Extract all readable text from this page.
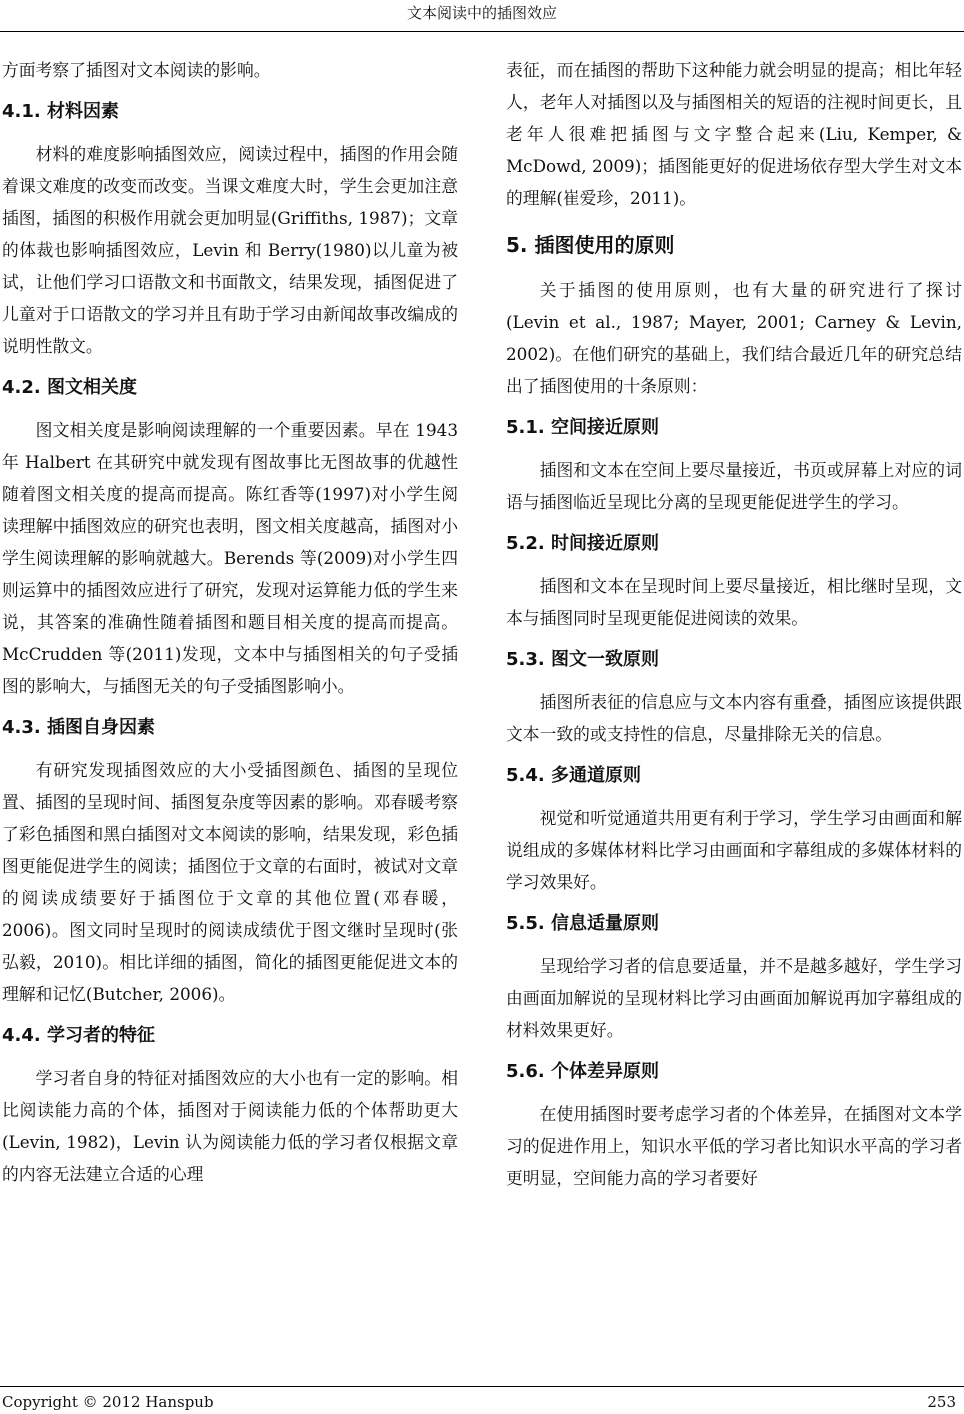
文本阅读中的插图效应

方面考察了插图对文本阅读的影响。

4.1. 材料因素

材料的难度影响插图效应，阅读过程中，插图的作用会随着课文难度的改变而改变。当课文难度大时，学生会更加注意插图，插图的积极作用就会更加明显(Griffiths, 1987)；文章的体裁也影响插图效应，Levin 和 Berry(1980)以儿童为被试，让他们学习口语散文和书面散文，结果发现，插图促进了儿童对于口语散文的学习并且有助于学习由新闻故事改编成的说明性散文。

4.2. 图文相关度

图文相关度是影响阅读理解的一个重要因素。早在 1943 年 Halbert 在其研究中就发现有图故事比无图故事的优越性随着图文相关度的提高而提高。陈红香等(1997)对小学生阅读理解中插图效应的研究也表明，图文相关度越高，插图对小学生阅读理解的影响就越大。Berends 等(2009)对小学生四则运算中的插图效应进行了研究，发现对运算能力低的学生来说，其答案的准确性随着插图和题目相关度的提高而提高。McCrudden 等(2011)发现，文本中与插图相关的句子受插图的影响大，与插图无关的句子受插图影响小。

4.3. 插图自身因素

有研究发现插图效应的大小受插图颜色、插图的呈现位置、插图的呈现时间、插图复杂度等因素的影响。邓春暖考察了彩色插图和黑白插图对文本阅读的影响，结果发现，彩色插图更能促进学生的阅读；插图位于文章的右面时，被试对文章的阅读成绩要好于插图位于文章的其他位置(邓春暖，2006)。图文同时呈现时的阅读成绩优于图文继时呈现时(张弘毅，2010)。相比详细的插图，简化的插图更能促进文本的理解和记忆(Butcher, 2006)。

4.4. 学习者的特征

学习者自身的特征对插图效应的大小也有一定的影响。相比阅读能力高的个体，插图对于阅读能力低的个体帮助更大(Levin, 1982)，Levin 认为阅读能力低的学习者仅根据文章的内容无法建立合适的心理

表征，而在插图的帮助下这种能力就会明显的提高；相比年轻人，老年人对插图以及与插图相关的短语的注视时间更长，且老年人很难把插图与文字整合起来(Liu, Kemper, & McDowd, 2009)；插图能更好的促进场依存型大学生对文本的理解(崔爱珍，2011)。

5. 插图使用的原则

关于插图的使用原则，也有大量的研究进行了探讨(Levin et al., 1987; Mayer, 2001; Carney & Levin, 2002)。在他们研究的基础上，我们结合最近几年的研究总结出了插图使用的十条原则：

5.1. 空间接近原则

插图和文本在空间上要尽量接近，书页或屏幕上对应的词语与插图临近呈现比分离的呈现更能促进学生的学习。

5.2. 时间接近原则

插图和文本在呈现时间上要尽量接近，相比继时呈现，文本与插图同时呈现更能促进阅读的效果。

5.3. 图文一致原则

插图所表征的信息应与文本内容有重叠，插图应该提供跟文本一致的或支持性的信息，尽量排除无关的信息。

5.4. 多通道原则

视觉和听觉通道共用更有利于学习，学生学习由画面和解说组成的多媒体材料比学习由画面和字幕组成的多媒体材料的学习效果好。

5.5. 信息适量原则

呈现给学习者的信息要适量，并不是越多越好，学生学习由画面加解说的呈现材料比学习由画面加解说再加字幕组成的材料效果更好。

5.6. 个体差异原则

在使用插图时要考虑学习者的个体差异，在插图对文本学习的促进作用上，知识水平低的学习者比知识水平高的学习者更明显，空间能力高的学习者要好

Copyright © 2012 Hanspub	253
